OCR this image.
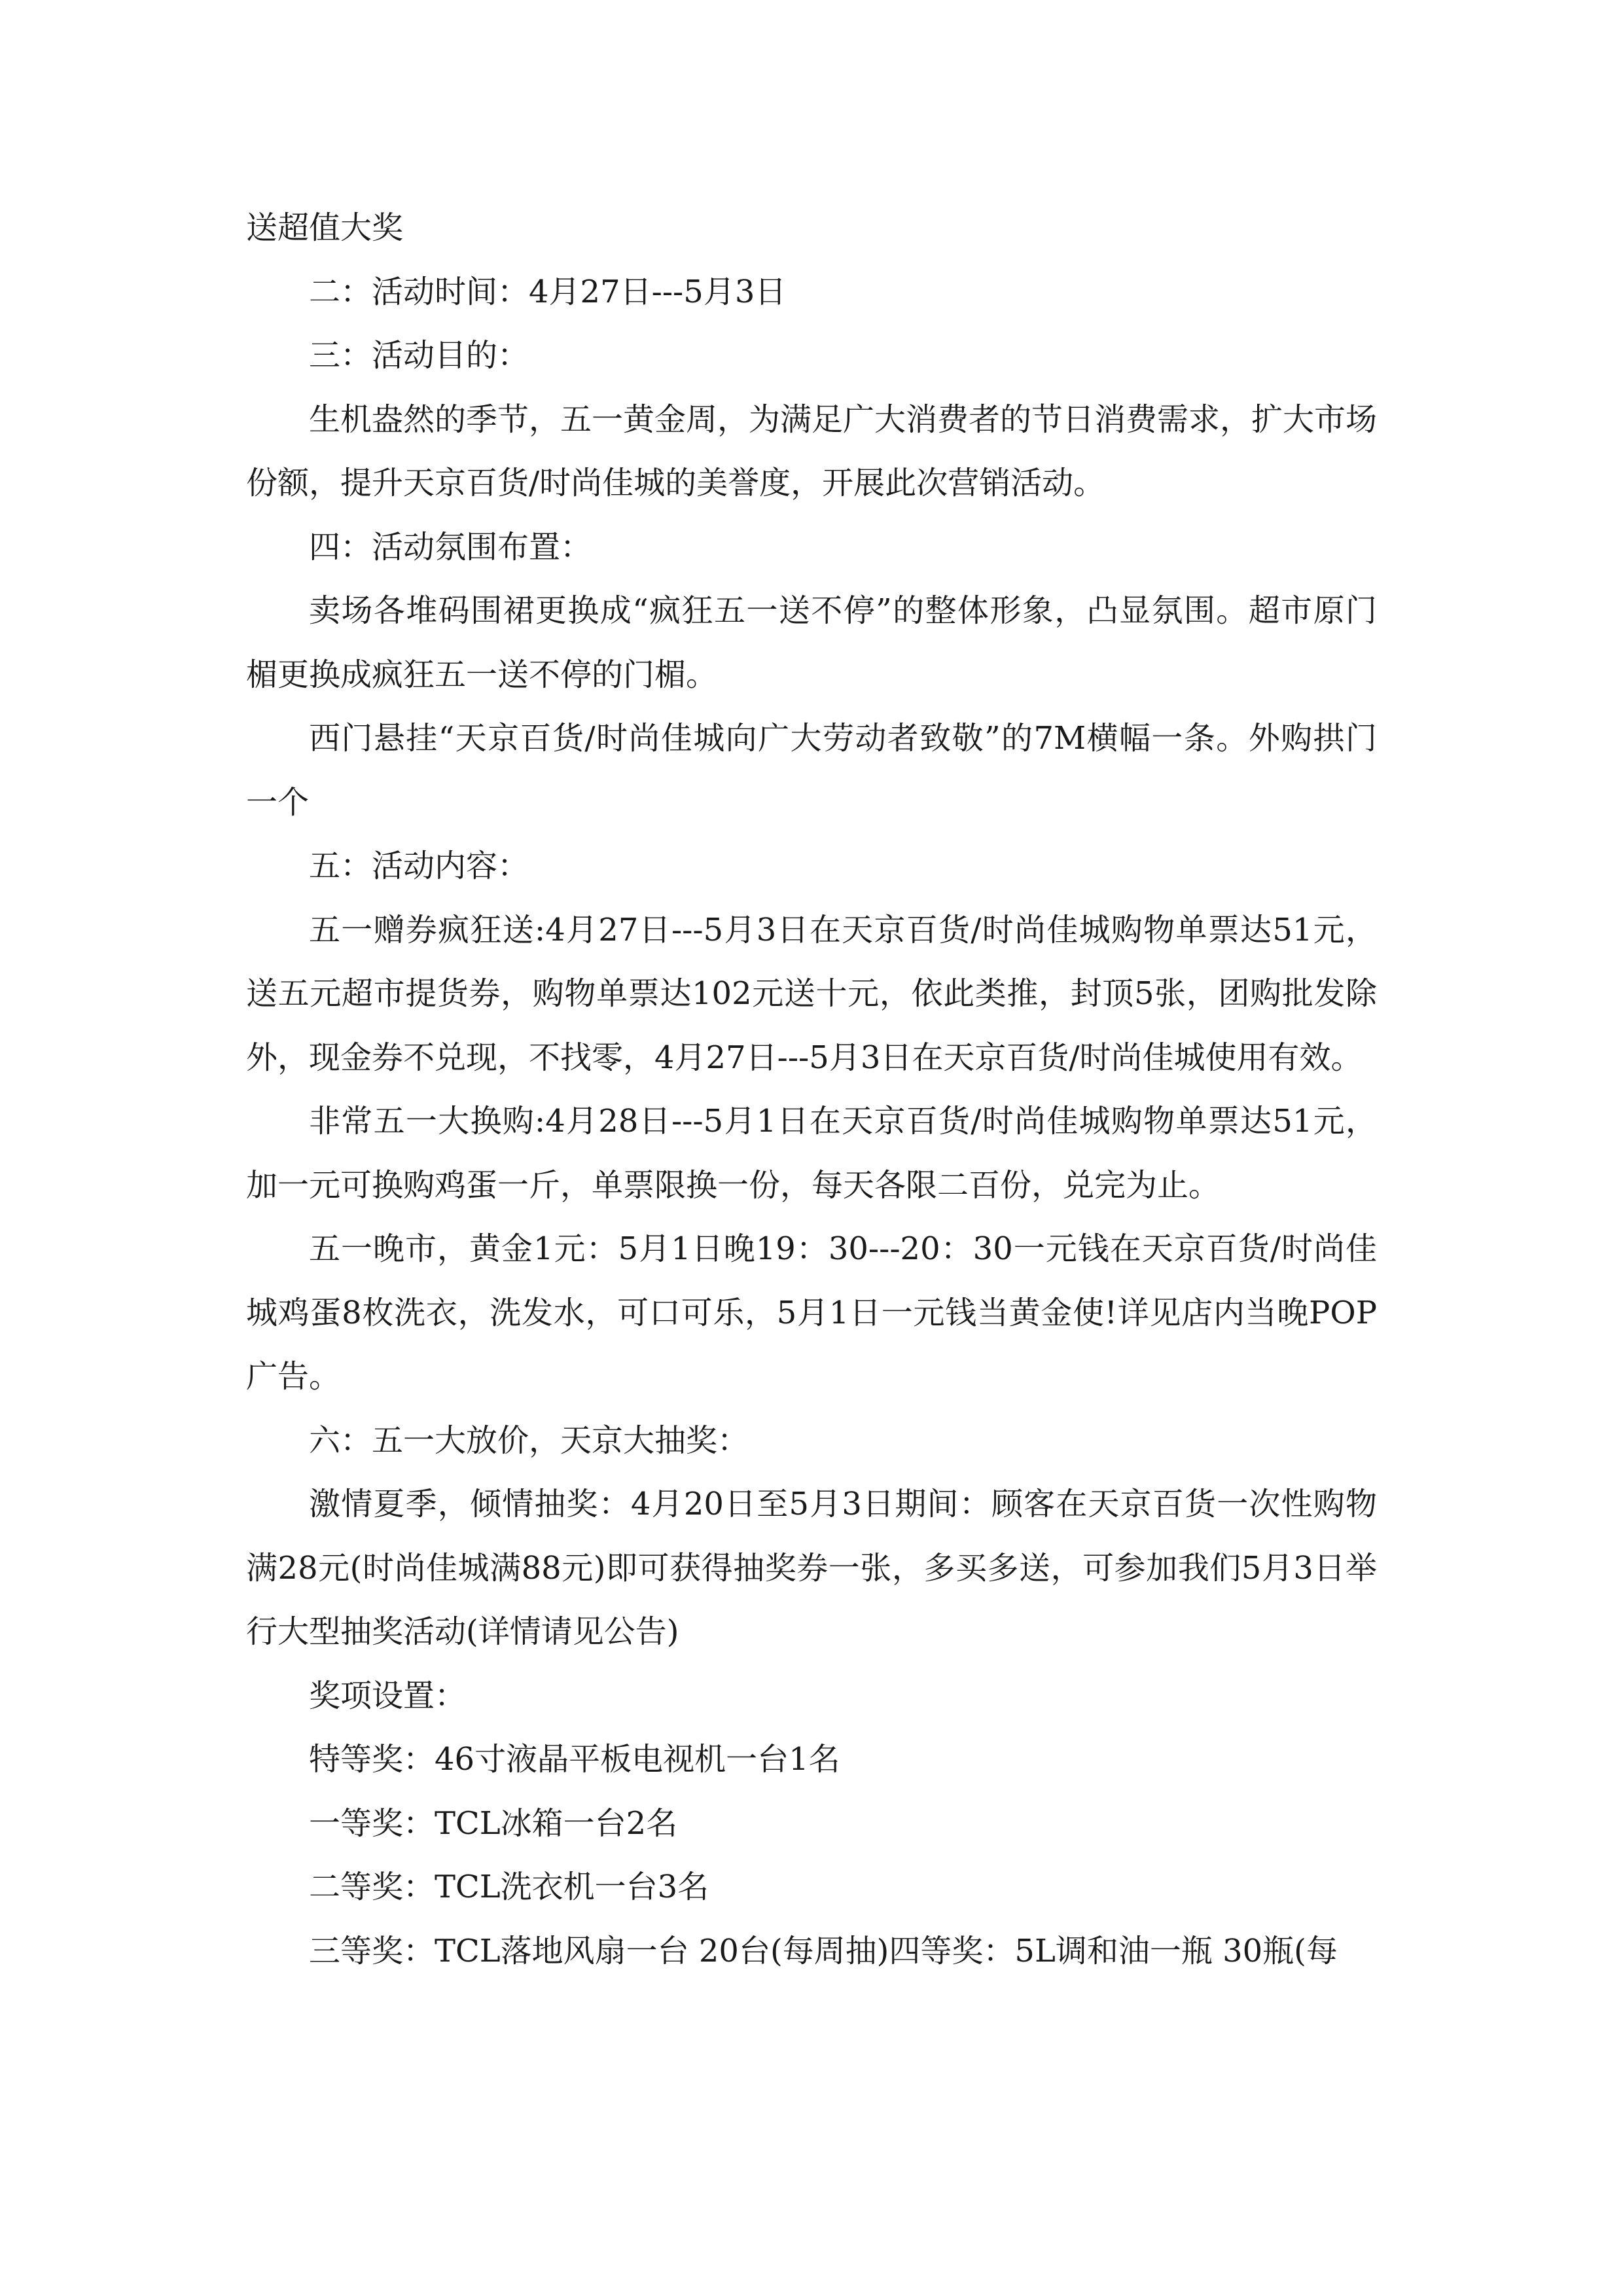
送超值大奖

二：活动时间：4月27日---5月3日

三：活动目的：

生机盎然的季节，五一黄金周，为满足广大消费者的节日消费需求，扩大市场份额，提升天京百货/时尚佳城的美誉度，开展此次营销活动。

四：活动氛围布置：

卖场各堆码围裙更换成“疯狂五一送不停”的整体形象，凸显氛围。超市原门楣更换成疯狂五一送不停的门楣。

西门悬挂“天京百货/时尚佳城向广大劳动者致敬”的7M横幅一条。外购拱门一个

五：活动内容：

五一赠券疯狂送:4月27日---5月3日在天京百货/时尚佳城购物单票达51元，送五元超市提货券，购物单票达102元送十元，依此类推，封顶5张，团购批发除外，现金券不兑现，不找零，4月27日---5月3日在天京百货/时尚佳城使用有效。

非常五一大换购:4月28日---5月1日在天京百货/时尚佳城购物单票达51元，加一元可换购鸡蛋一斤，单票限换一份，每天各限二百份，兑完为止。

五一晚市，黄金1元：5月1日晚19：30---20：30一元钱在天京百货/时尚佳城鸡蛋8枚洗衣，洗发水，可口可乐，5月1日一元钱当黄金使!详见店内当晚POP广告。

六：五一大放价，天京大抽奖：

激情夏季，倾情抽奖：4月20日至5月3日期间：顾客在天京百货一次性购物满28元(时尚佳城满88元)即可获得抽奖券一张，多买多送，可参加我们5月3日举行大型抽奖活动(详情请见公告)

奖项设置：

特等奖：46寸液晶平板电视机一台1名

一等奖：TCL冰箱一台2名

二等奖：TCL洗衣机一台3名

三等奖：TCL落地风扇一台 20台(每周抽)四等奖：5L调和油一瓶 30瓶(每
